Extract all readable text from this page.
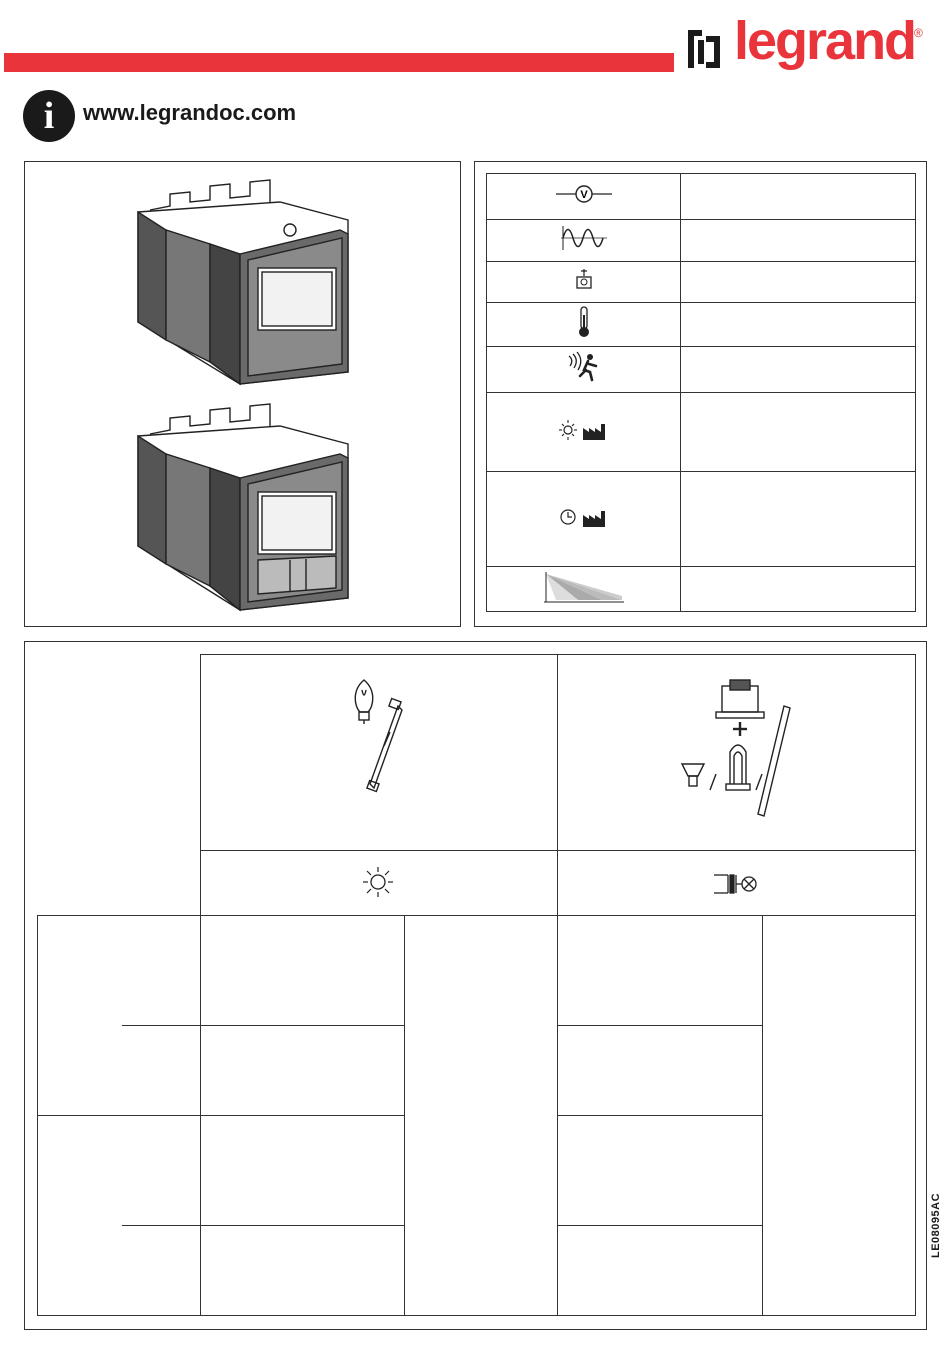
legrand
®
i	www.legrandoc.com
V	

LE08095AC
